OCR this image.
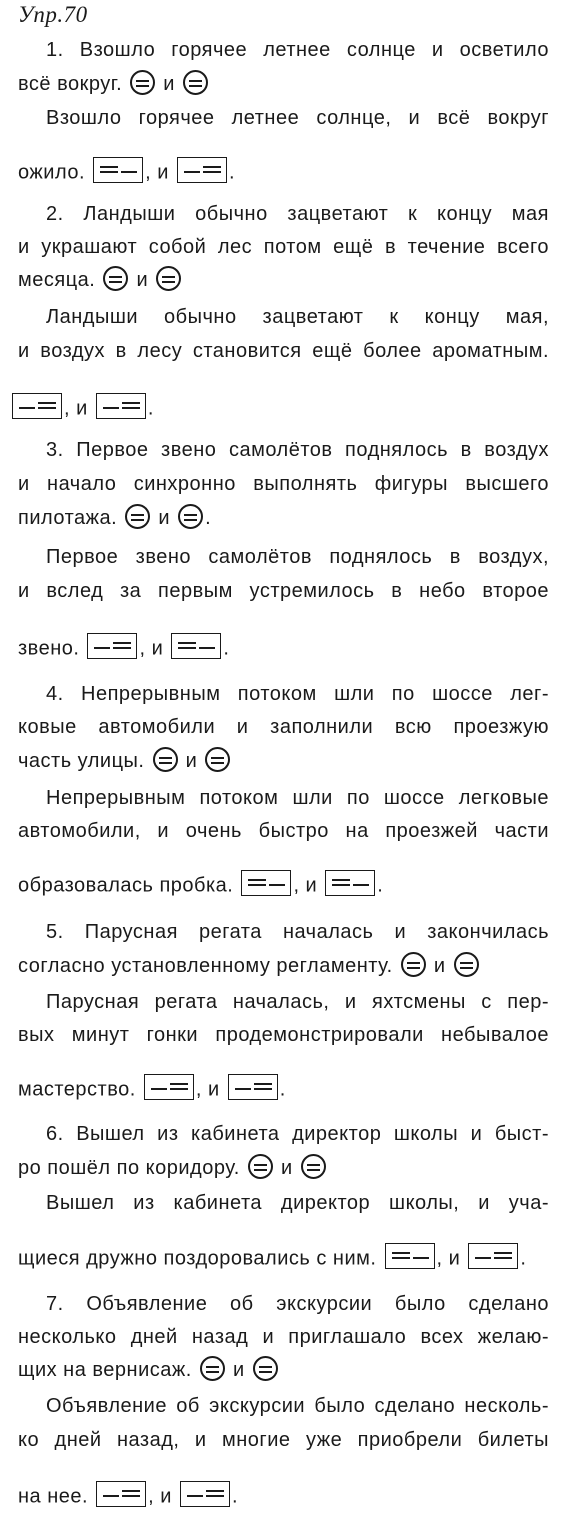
Упр.70
1. Взошло горячее летнее солнце и осветило
всё вокруг. и
Взошло горячее летнее солнце, и всё вокруг
ожило.	, и	.
2. Ландыши обычно зацветают к концу мая
и украшают собой лес потом ещё в течение всего
месяца. и
Ландыши обычно зацветают к концу мая,
и воздух в лесу становится ещё более ароматным.
, и	.
3. Первое звено самолётов поднялось в воздух
и начало синхронно выполнять фигуры высшего
пилотажа. и .
Первое звено самолётов поднялось в воздух,
и вслед за первым устремилось в небо второе
звено.	, и	.
4. Непрерывным потоком шли по шоссе лег-
ковые автомобили и заполнили всю проезжую
часть улицы. и
Непрерывным потоком шли по шоссе легковые
автомобили, и очень быстро на проезжей части
образовалась пробка.	, и	.
5. Парусная регата началась и закончилась
согласно установленному регламенту. и
Парусная регата началась, и яхтсмены с пер-
вых минут гонки продемонстрировали небывалое
мастерство.	, и	.
6. Вышел из кабинета директор школы и быст-
ро пошёл по коридору. и
Вышел из кабинета директор школы, и уча-
щиеся дружно поздоровались с ним.	, и	.
7. Объявление об экскурсии было сделано
несколько дней назад и приглашало всех желаю-
щих на вернисаж. и
Объявление об экскурсии было сделано несколь-
ко дней назад, и многие уже приобрели билеты
на нее.	, и	.
